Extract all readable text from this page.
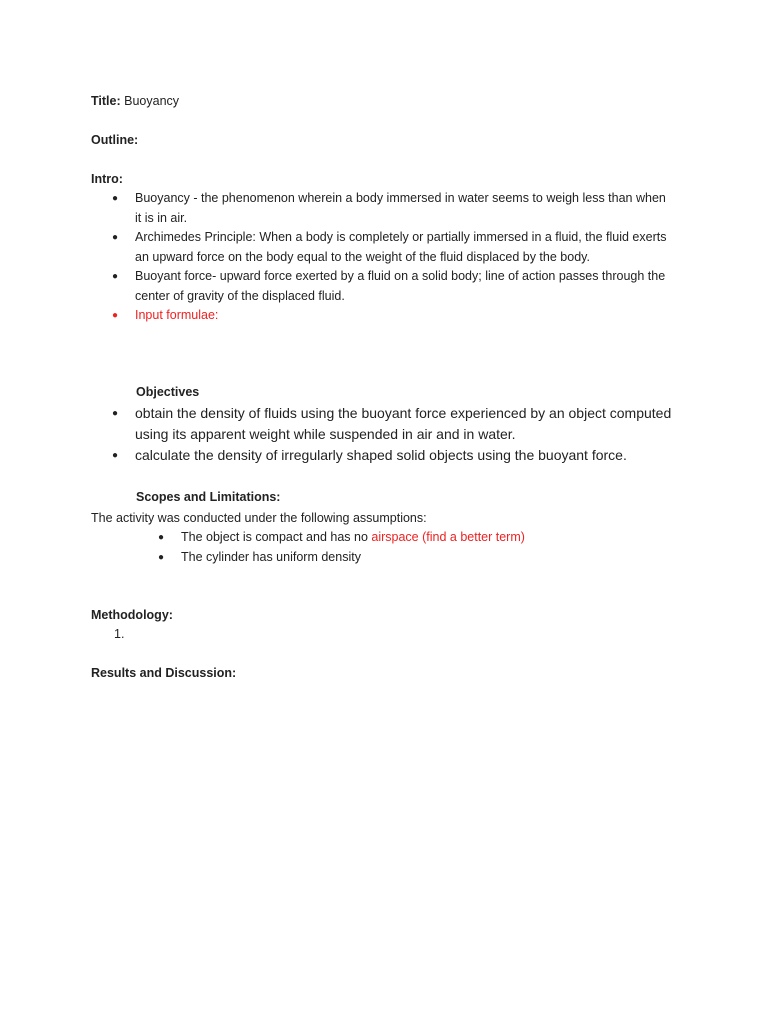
Title: Buoyancy
Outline:
Intro:
● Buoyancy - the phenomenon wherein a body immersed in water seems to weigh less than when it is in air.
● Archimedes Principle: When a body is completely or partially immersed in a fluid, the fluid exerts an upward force on the body equal to the weight of the fluid displaced by the body.
● Buoyant force- upward force exerted by a fluid on a solid body; line of action passes through the center of gravity of the displaced fluid.
● Input formulae:
Objectives
● obtain the density of fluids using the buoyant force experienced by an object computed using its apparent weight while suspended in air and in water.
● calculate the density of irregularly shaped solid objects using the buoyant force.
Scopes and Limitations:
The activity was conducted under the following assumptions:
● The object is compact and has no airspace (find a better term)
● The cylinder has uniform density
Methodology:
1.
Results and Discussion:
